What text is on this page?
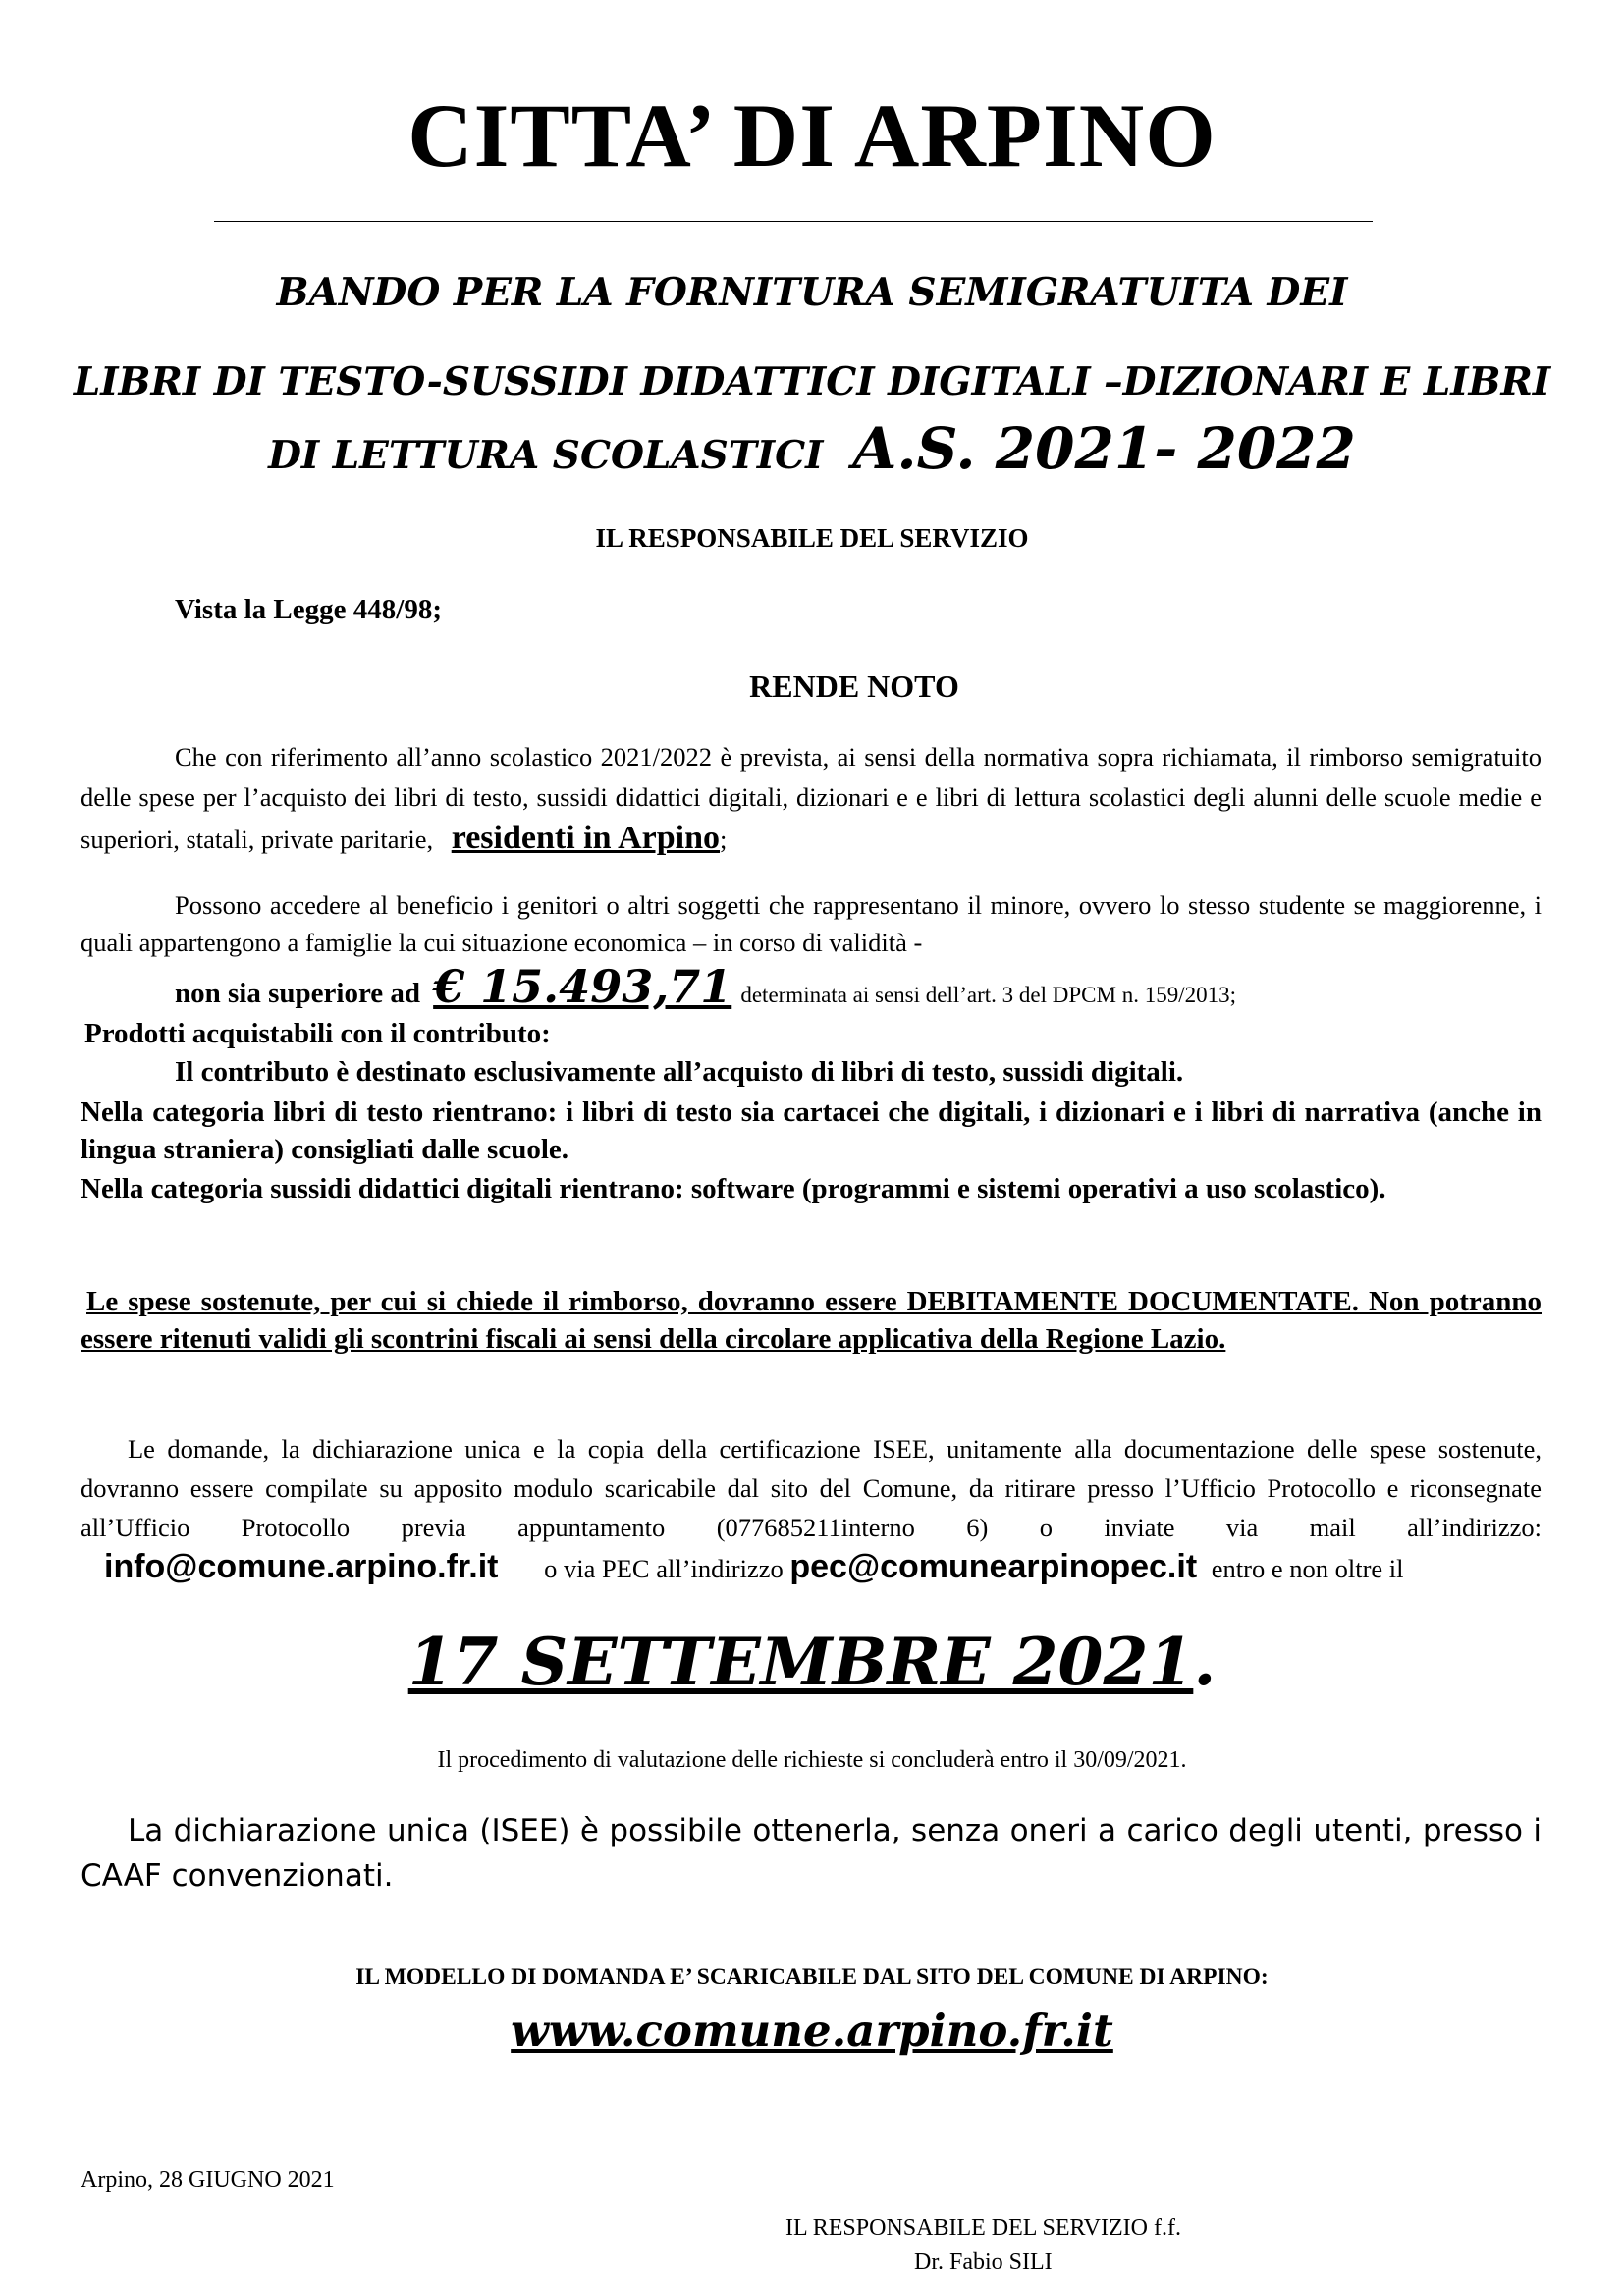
CITTA’ DI ARPINO
BANDO PER LA FORNITURA SEMIGRATUITA DEI
LIBRI DI TESTO-SUSSIDI DIDATTICI DIGITALI –DIZIONARI E LIBRI
DI LETTURA SCOLASTICI A.S. 2021- 2022
IL RESPONSABILE DEL SERVIZIO
Vista la Legge 448/98;
RENDE NOTO
Che con riferimento all’anno scolastico 2021/2022 è prevista, ai sensi della normativa sopra richiamata, il rimborso semigratuito delle spese per l’acquisto dei libri di testo, sussidi didattici digitali, dizionari e e libri di lettura scolastici degli alunni delle scuole medie e superiori, statali, private paritarie, residenti in Arpino;
Possono accedere al beneficio i genitori o altri soggetti che rappresentano il minore, ovvero lo stesso studente se maggiorenne, i quali appartengono a famiglie la cui situazione economica – in corso di validità -
non sia superiore ad € 15.493,71 determinata ai sensi dell’art. 3 del DPCM n. 159/2013;
Prodotti acquistabili con il contributo:
Il contributo è destinato esclusivamente all’acquisto di libri di testo, sussidi digitali.
Nella categoria libri di testo rientrano: i libri di testo sia cartacei che digitali, i dizionari e i libri di narrativa (anche in lingua straniera) consigliati dalle scuole.
Nella categoria sussidi didattici digitali rientrano: software (programmi e sistemi operativi a uso scolastico).
Le spese sostenute, per cui si chiede il rimborso, dovranno essere DEBITAMENTE DOCUMENTATE. Non potranno essere ritenuti validi gli scontrini fiscali ai sensi della circolare applicativa della Regione Lazio.
Le domande, la dichiarazione unica e la copia della certificazione ISEE, unitamente alla documentazione delle spese sostenute, dovranno essere compilate su apposito modulo scaricabile dal sito del Comune, da ritirare presso l’Ufficio Protocollo e riconsegnate all’Ufficio Protocollo previa appuntamento (077685211interno 6) o inviate via mail all’indirizzo: info@comune.arpino.fr.it o via PEC all’indirizzo pec@comunearpinopec.it entro e non oltre il
17 SETTEMBRE 2021.
Il procedimento di valutazione delle richieste si concluderà entro il 30/09/2021.
La dichiarazione unica (ISEE) è possibile ottenerla, senza oneri a carico degli utenti, presso i CAAF convenzionati.
IL MODELLO DI DOMANDA E’ SCARICABILE DAL SITO DEL COMUNE DI ARPINO:
www.comune.arpino.fr.it
Arpino, 28 GIUGNO 2021
IL RESPONSABILE DEL SERVIZIO f.f.
Dr. Fabio SILI
